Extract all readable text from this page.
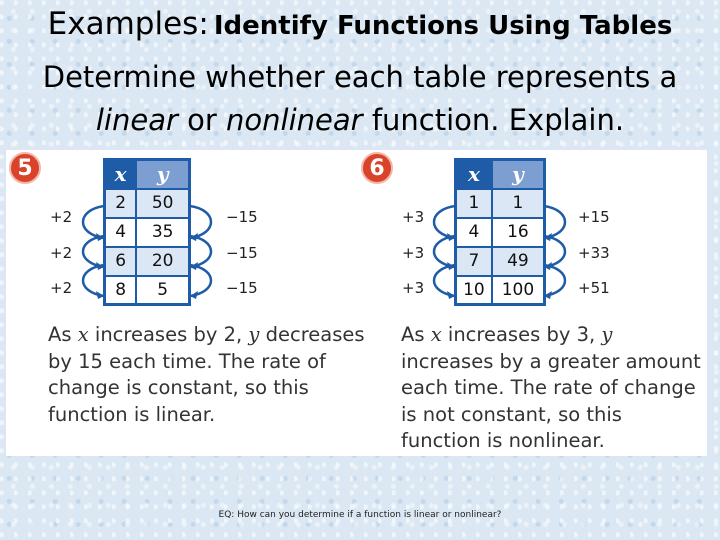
Examples: Identify Functions Using Tables
Determine whether each table represents a
linear or nonlinear function. Explain.
5	x	y
2	50
4	35
6	20
8	5
+2
+2
+2
−15
−15
−15
As x increases by 2, y decreases by 15 each time. The rate of change is constant, so this function is linear.
6	x	y
1	1
4	16
7	49
10	100
+3
+3
+3
+15
+33
+51
As x increases by 3, y increases by a greater amount each time. The rate of change is not constant, so this function is nonlinear.
EQ: How can you determine if a function is linear or nonlinear?
